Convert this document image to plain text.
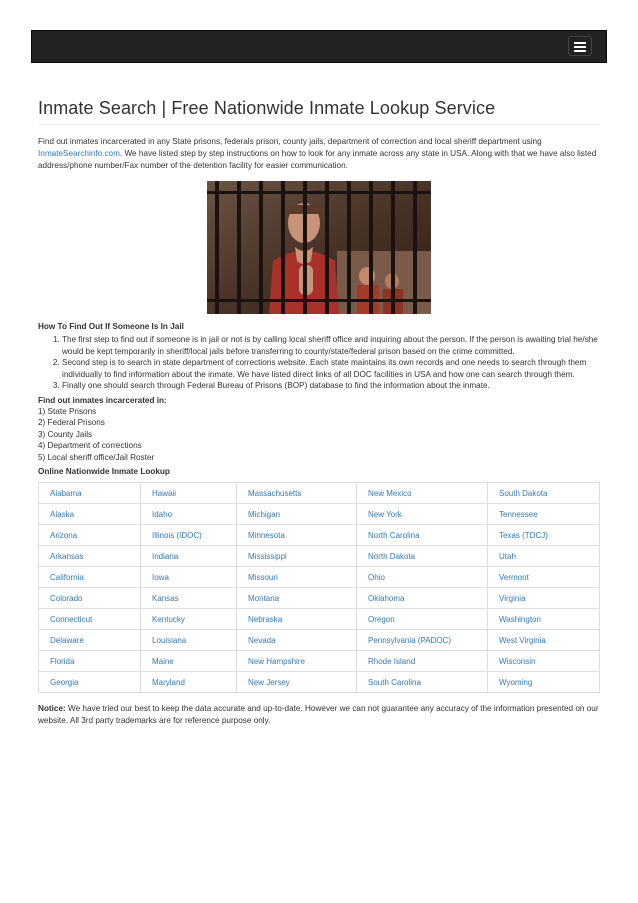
Inmate Search | Free Nationwide Inmate Lookup Service

Find out inmates incarcerated in any State prisons, federals prison, county jails, department of correction and local sheriff department using InmateSearchinfo.com. We have listed step by step instructions on how to look for any inmate across any state in USA. Along with that we have also listed address/phone number/Fax number of the detention facility for easier communication.

How To Find Out If Someone Is In Jail
1. The first step to find out if someone is in jail or not is by calling local sheriff office and inquiring about the person. If the person is awaiting trial he/she would be kept temporarily in sheriff/local jails before transferring to county/state/federal prison based on the crime committed.
2. Second step is to search in state department of corrections website. Each state maintains its own records and one needs to search through them individually to find information about the inmate. We have listed direct links of all DOC facilities in USA and how one can search through them.
3. Finally one should search through Federal Bureau of Prisons (BOP) database to find the information about the inmate.
Find out inmates incarcerated in:
1) State Prisons
2) Federal Prisons
3) County Jails
4) Department of corrections
5) Local sheriff office/Jail Roster
Online Nationwide Inmate Lookup
Alabama	Hawaii	Massachusetts	New Mexico	South Dakota
Alaska	Idaho	Michigan	New York	Tennessee
Arizona	Illinois (IDOC)	Minnesota	North Carolina	Texas (TDCJ)
Arkansas	Indiana	Mississippi	North Dakota	Utah
California	Iowa	Missouri	Ohio	Vermont
Colorado	Kansas	Montana	Oklahoma	Virginia
Connecticut	Kentucky	Nebraska	Oregon	Washington
Delaware	Louisiana	Nevada	Pennsylvania (PADOC)	West Virginia
Florida	Maine	New Hampshire	Rhode Island	Wisconsin
Georgia	Maryland	New Jersey	South Carolina	Wyoming

Notice: We have tried our best to keep the data accurate and up-to-date. However we can not guarantee any accuracy of the information presented on our website. All 3rd party trademarks are for reference purpose only.
